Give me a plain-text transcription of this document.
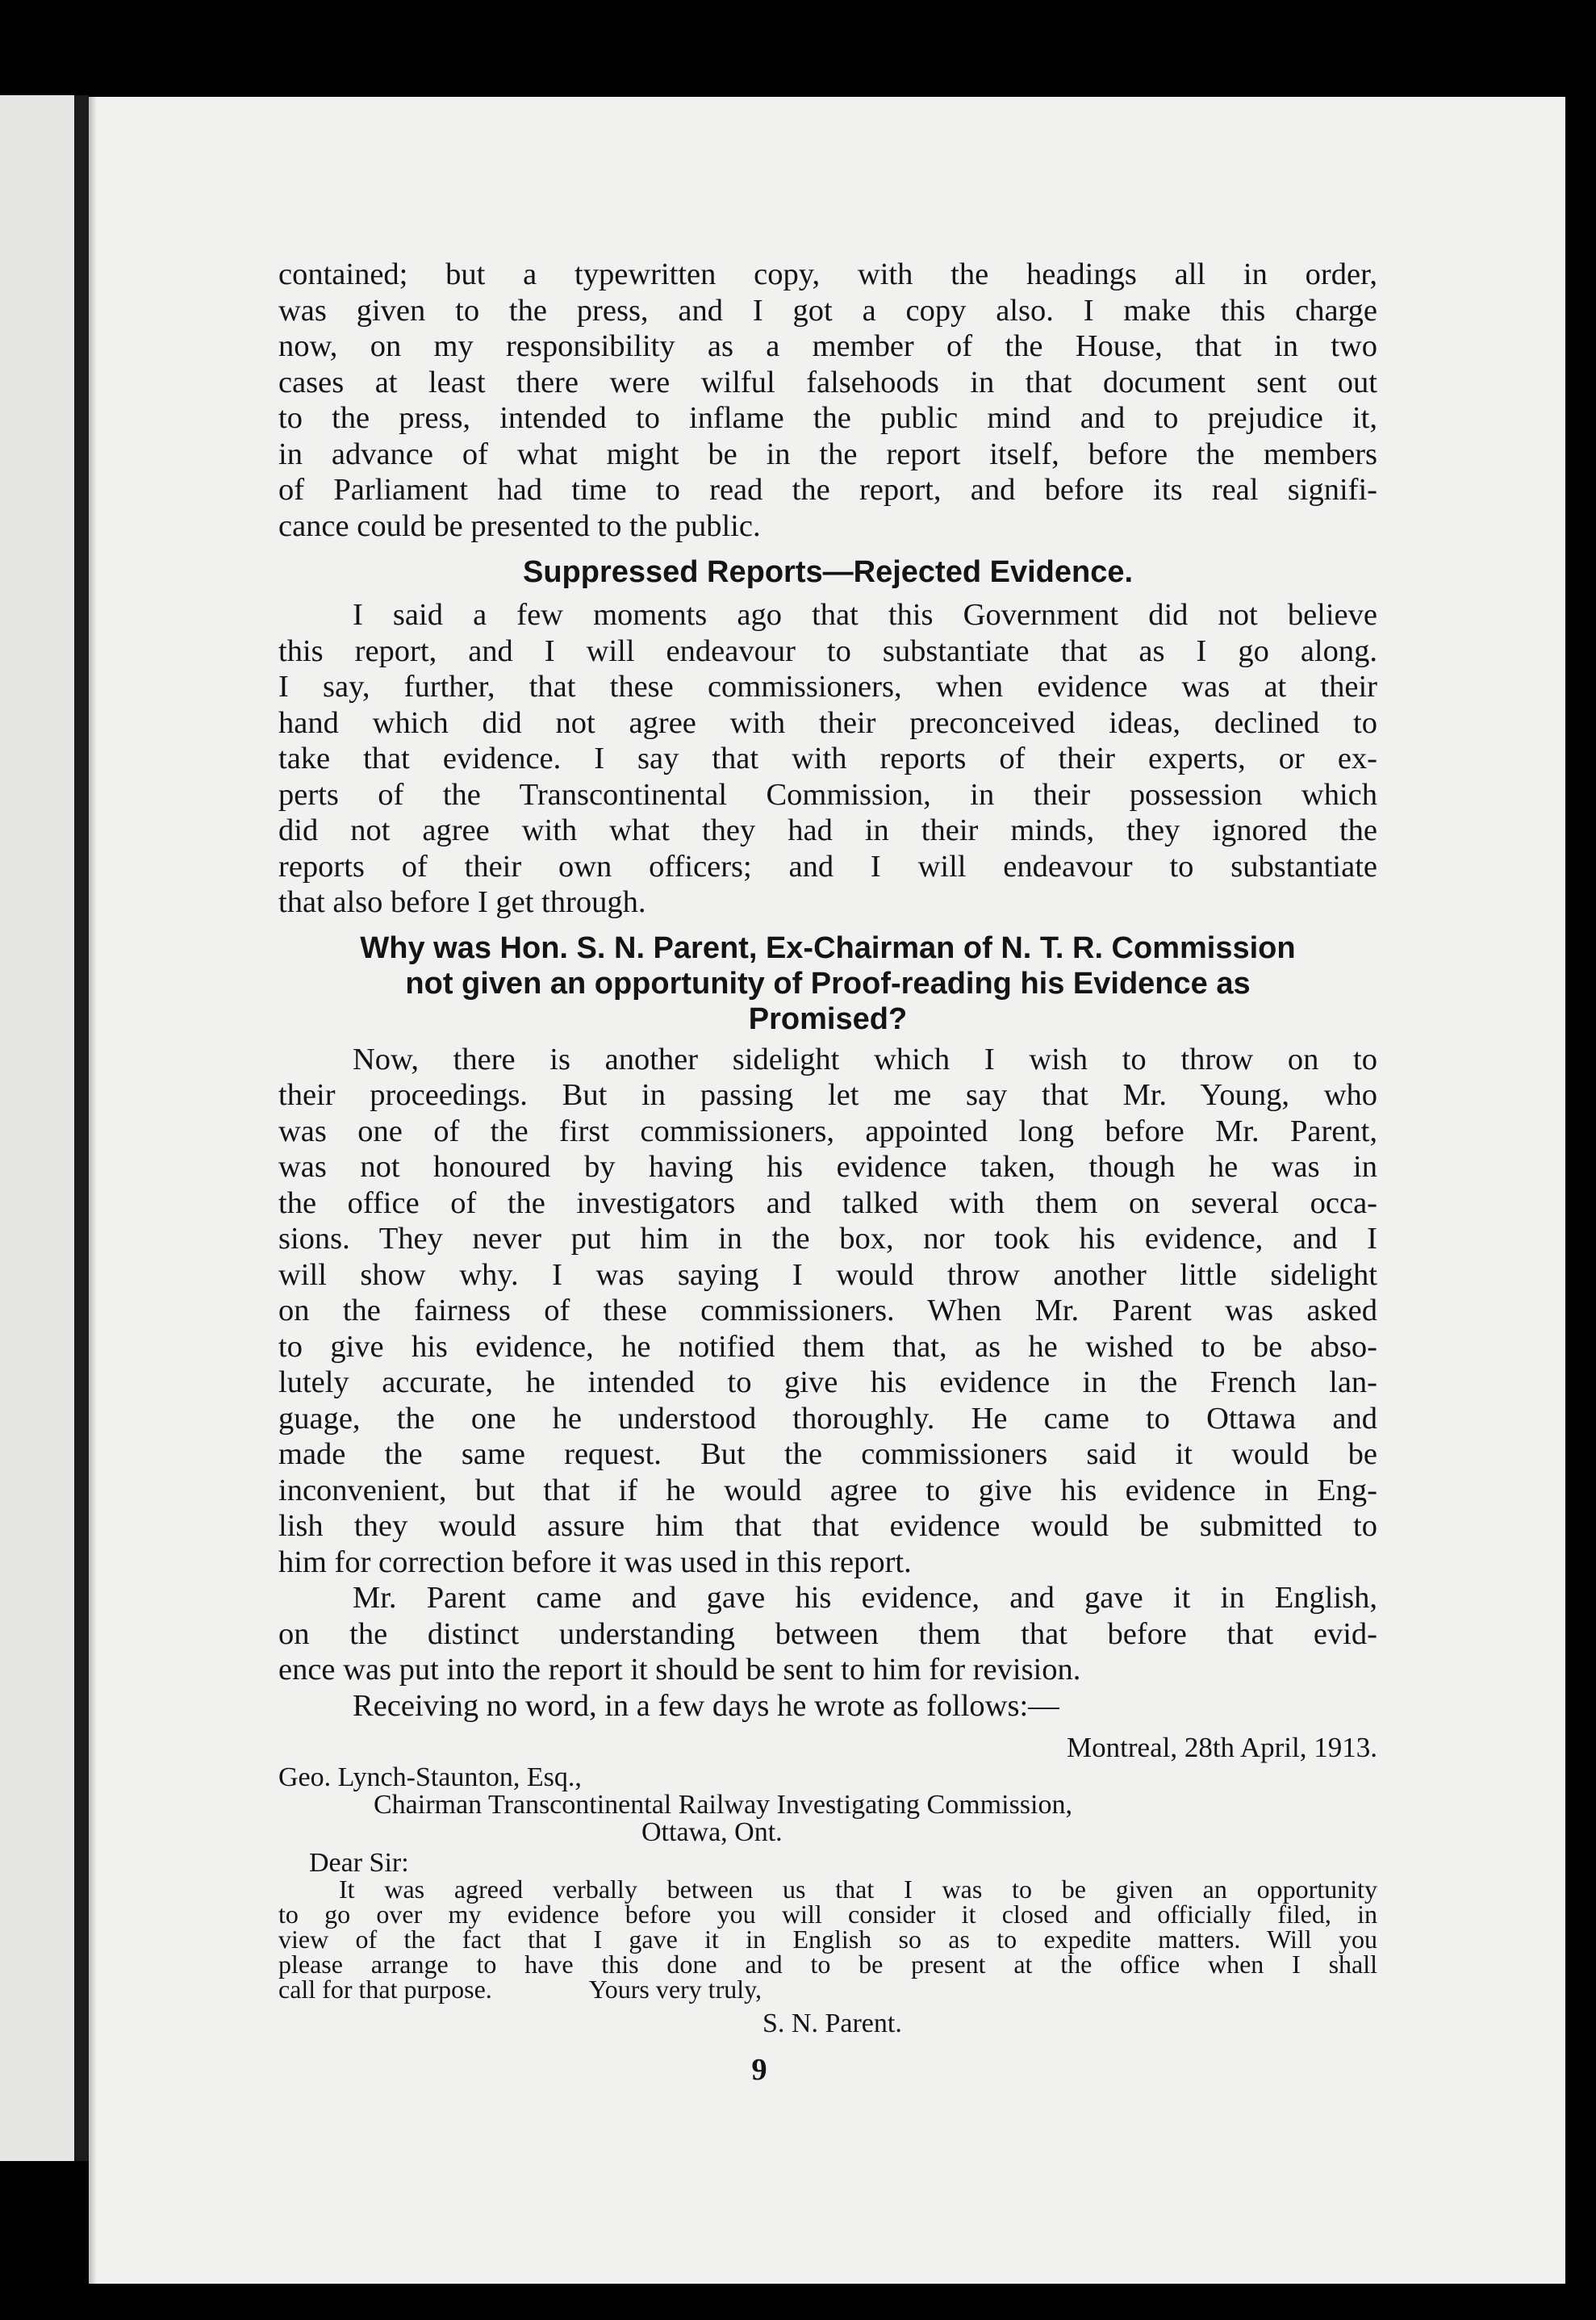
contained; but a typewritten copy, with the headings all in order,

was given to the press, and I got a copy also. I make this charge

now, on my responsibility as a member of the House, that in two

cases at least there were wilful falsehoods in that document sent out

to the press, intended to inflame the public mind and to prejudice it,

in advance of what might be in the report itself, before the members

of Parliament had time to read the report, and before its real signifi-

cance could be presented to the public.

Suppressed Reports—Rejected Evidence.

I said a few moments ago that this Government did not believe

this report, and I will endeavour to substantiate that as I go along.

I say, further, that these commissioners, when evidence was at their

hand which did not agree with their preconceived ideas, declined to

take that evidence. I say that with reports of their experts, or ex-

perts of the Transcontinental Commission, in their possession which

did not agree with what they had in their minds, they ignored the

reports of their own officers; and I will endeavour to substantiate

that also before I get through.

Why was Hon. S. N. Parent, Ex-Chairman of N. T. R. Commission
not given an opportunity of Proof-reading his Evidence as
Promised?

Now, there is another sidelight which I wish to throw on to

their proceedings. But in passing let me say that Mr. Young, who

was one of the first commissioners, appointed long before Mr. Parent,

was not honoured by having his evidence taken, though he was in

the office of the investigators and talked with them on several occa-

sions. They never put him in the box, nor took his evidence, and I

will show why. I was saying I would throw another little sidelight

on the fairness of these commissioners. When Mr. Parent was asked

to give his evidence, he notified them that, as he wished to be abso-

lutely accurate, he intended to give his evidence in the French lan-

guage, the one he understood thoroughly. He came to Ottawa and

made the same request. But the commissioners said it would be

inconvenient, but that if he would agree to give his evidence in Eng-

lish they would assure him that that evidence would be submitted to

him for correction before it was used in this report.

Mr. Parent came and gave his evidence, and gave it in English,

on the distinct understanding between them that before that evid-

ence was put into the report it should be sent to him for revision.

Receiving no word, in a few days he wrote as follows:—

Montreal, 28th April, 1913.
Geo. Lynch-Staunton, Esq.,
Chairman Transcontinental Railway Investigating Commission,
Ottawa, Ont.
Dear Sir:

It was agreed verbally between us that I was to be given an opportunity

to go over my evidence before you will consider it closed and officially filed, in

view of the fact that I gave it in English so as to expedite matters. Will you

please arrange to have this done and to be present at the office when I shall

call for that purpose.	Yours very truly,

S. N. Parent.
9
